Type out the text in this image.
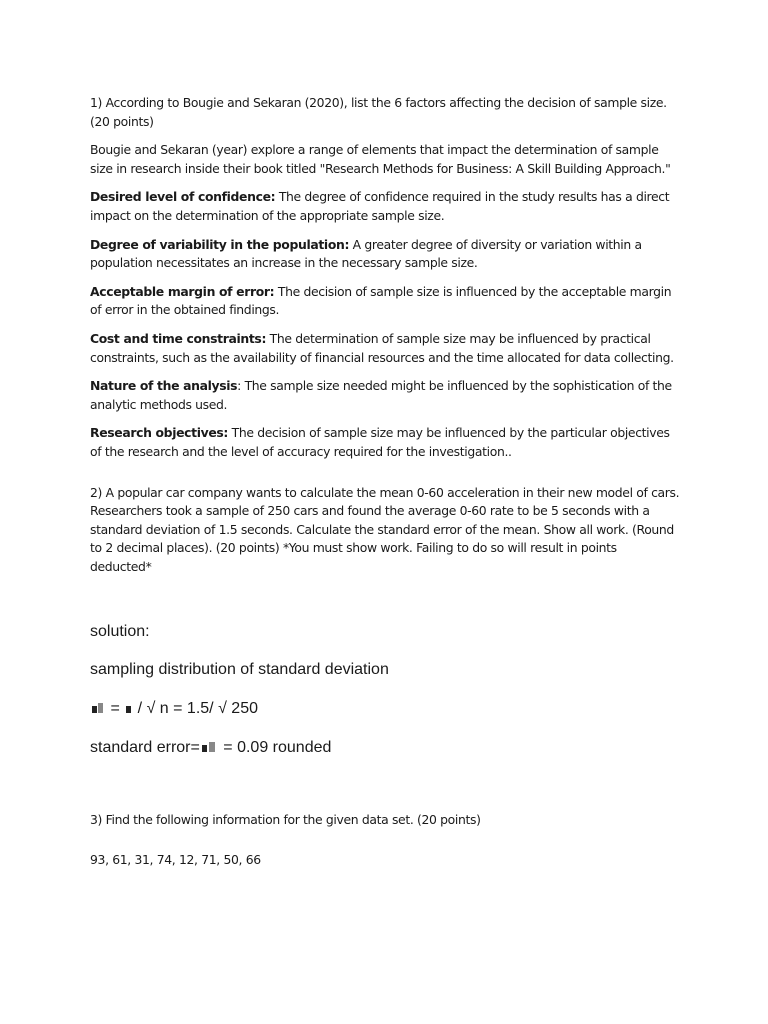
1) According to Bougie and Sekaran (2020), list the 6 factors affecting the decision of sample size. (20 points)

Bougie and Sekaran (year) explore a range of elements that impact the determination of sample size in research inside their book titled "Research Methods for Business: A Skill Building Approach."

Desired level of confidence: The degree of confidence required in the study results has a direct impact on the determination of the appropriate sample size.

Degree of variability in the population: A greater degree of diversity or variation within a population necessitates an increase in the necessary sample size.

Acceptable margin of error: The decision of sample size is influenced by the acceptable margin of error in the obtained findings.

Cost and time constraints: The determination of sample size may be influenced by practical constraints, such as the availability of financial resources and the time allocated for data collecting.

Nature of the analysis: The sample size needed might be influenced by the sophistication of the analytic methods used.

Research objectives: The decision of sample size may be influenced by the particular objectives of the research and the level of accuracy required for the investigation..

2) A popular car company wants to calculate the mean 0-60 acceleration in their new model of cars. Researchers took a sample of 250 cars and found the average 0-60 rate to be 5 seconds with a standard deviation of 1.5 seconds. Calculate the standard error of the mean. Show all work. (Round to 2 decimal places). (20 points) *You must show work. Failing to do so will result in points deducted*

solution:

sampling distribution of standard deviation

=
/ √ n = 1.5/ √ 250

standard error=
= 0.09 rounded

3) Find the following information for the given data set. (20 points)

93, 61, 31, 74, 12, 71, 50, 66
